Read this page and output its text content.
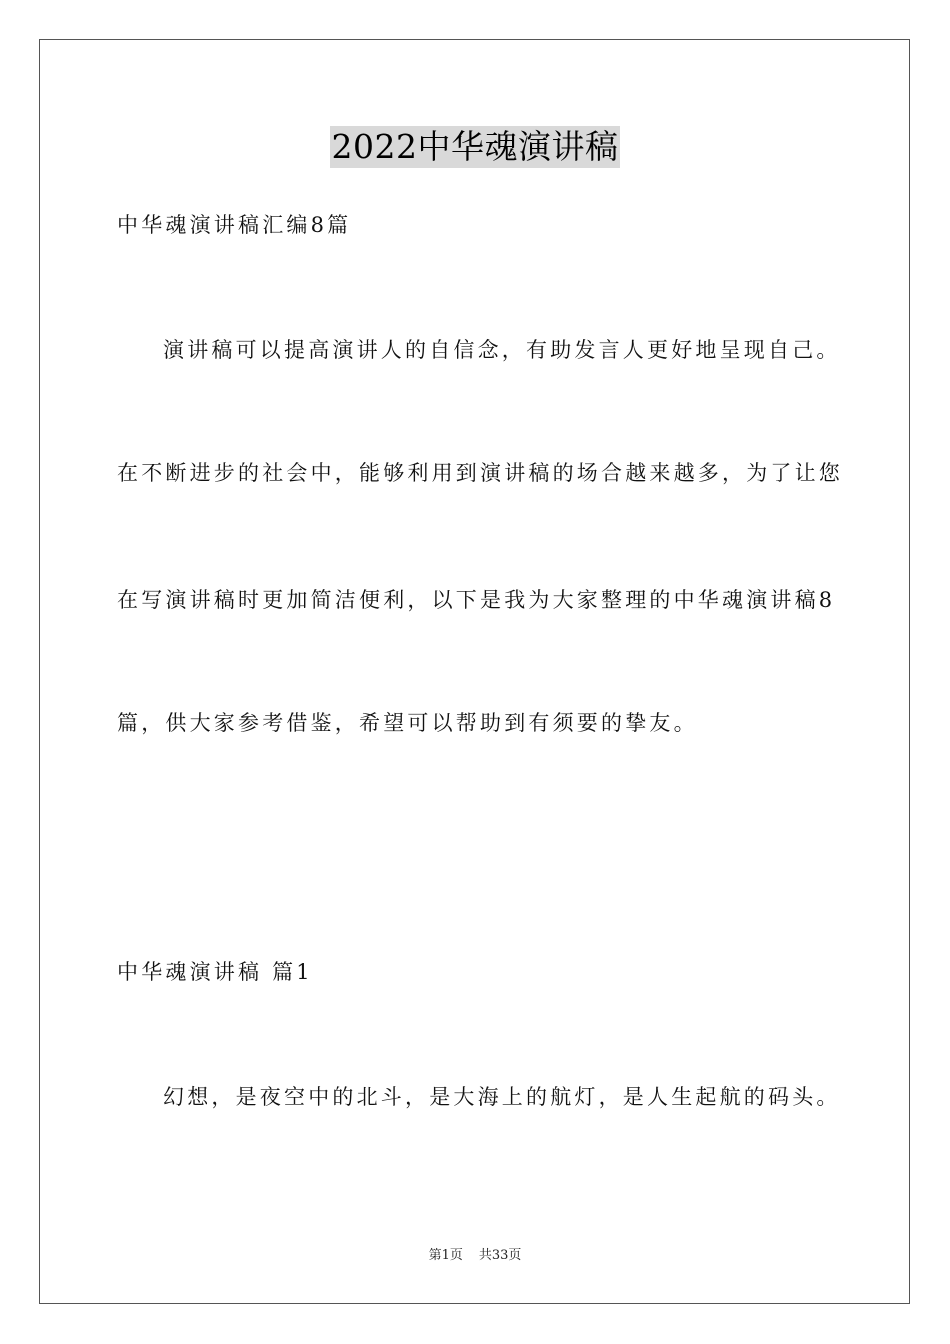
2022中华魂演讲稿
中华魂演讲稿汇编8篇
演讲稿可以提高演讲人的自信念，有助发言人更好地呈现自己。
在不断进步的社会中，能够利用到演讲稿的场合越来越多，为了让您
在写演讲稿时更加简洁便利，以下是我为大家整理的中华魂演讲稿8
篇，供大家参考借鉴，希望可以帮助到有须要的挚友。
中华魂演讲稿 篇1
幻想，是夜空中的北斗，是大海上的航灯，是人生起航的码头。
第1页 共33页
